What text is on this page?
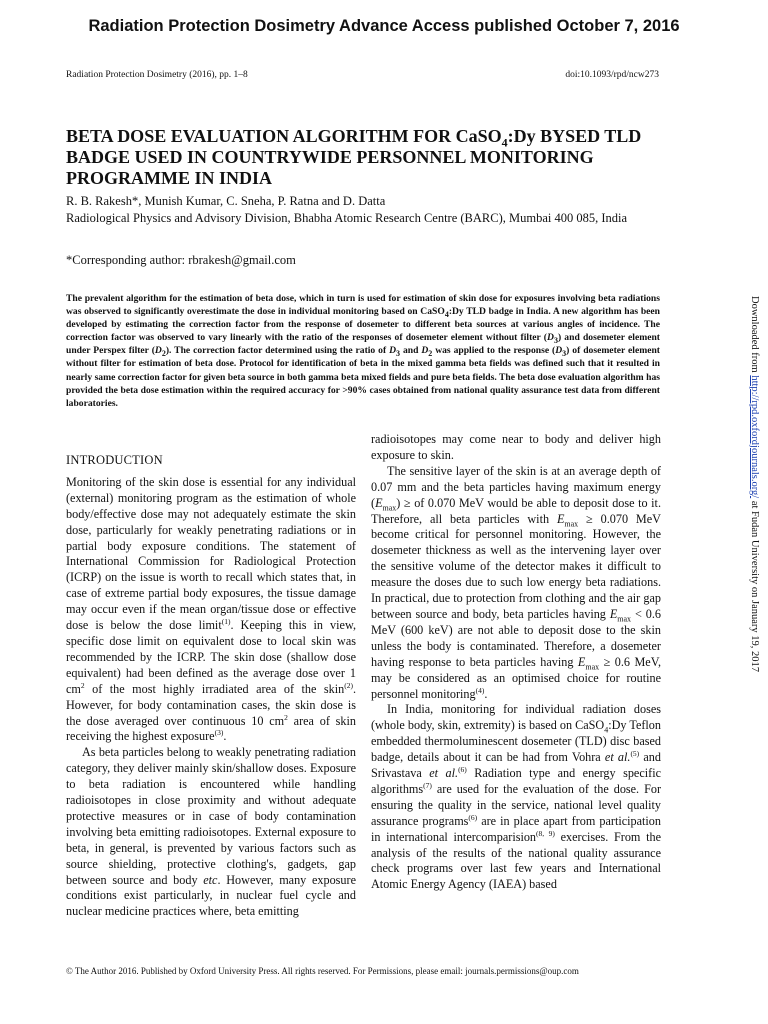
Radiation Protection Dosimetry Advance Access published October 7, 2016
Radiation Protection Dosimetry (2016), pp. 1–8	doi:10.1093/rpd/ncw273
BETA DOSE EVALUATION ALGORITHM FOR CaSO$_4$:Dy BYSED TLD BADGE USED IN COUNTRYWIDE PERSONNEL MONITORING PROGRAMME IN INDIA
R. B. Rakesh*, Munish Kumar, C. Sneha, P. Ratna and D. Datta
Radiological Physics and Advisory Division, Bhabha Atomic Research Centre (BARC), Mumbai 400 085, India
*Corresponding author: rbrakesh@gmail.com

The prevalent algorithm for the estimation of beta dose, which in turn is used for estimation of skin dose for exposures involving beta radiations was observed to significantly overestimate the dose in individual monitoring based on CaSO$_4$:Dy TLD badge in India. A new algorithm has been developed by estimating the correction factor from the response of dosemeter to different beta sources at various angles of incidence. The correction factor was observed to vary linearly with the ratio of the responses of dosemeter element without filter $(D_3)$ and dosemeter element under Perspex filter $(D_2)$. The correction factor determined using the ratio of $D_3$ and $D_2$ was applied to the response $(D_3)$ of dosemeter element without filter for estimation of beta dose. Protocol for identification of beta in the mixed gamma beta fields was defined such that it resulted in nearly same correction factor for given beta source in both gamma beta mixed fields and pure beta fields. The beta dose evaluation algorithm has provided the beta dose estimation within the required accuracy for >90% cases obtained from national quality assurance test data from different laboratories.

Downloaded from http://rpd.oxfordjournals.org/ at Fudan University on January 19, 2017

INTRODUCTION

Monitoring of the skin dose is essential for any individual (external) monitoring program as the estimation of whole body/effective dose may not adequately estimate the skin dose, particularly for weakly penetrating radiations or in partial body exposure conditions. The statement of International Commission for Radiological Protection (ICRP) on the issue is worth to recall which states that, in case of extreme partial body exposures, the tissue damage may occur even if the mean organ/tissue dose or effective dose is below the dose limit$^{(1)}$. Keeping this in view, specific dose limit on equivalent dose to local skin was recommended by the ICRP. The skin dose (shallow dose equivalent) had been defined as the average dose over 1 $cm^2$ of the most highly irradiated area of the skin$^{(2)}$. However, for body contamination cases, the skin dose is the dose averaged over continuous 10 $cm^2$ area of skin receiving the highest exposure$^{(3)}$.

As beta particles belong to weakly penetrating radiation category, they deliver mainly skin/shallow doses. Exposure to beta radiation is encountered while handling radioisotopes in close proximity and without adequate protective measures or in case of body contamination involving beta emitting radioisotopes. External exposure to beta, in general, is prevented by various factors such as source shielding, protective clothing's, gadgets, gap between source and body etc. However, many exposure conditions exist particularly, in nuclear fuel cycle and nuclear medicine practices where, beta emitting

radioisotopes may come near to body and deliver high exposure to skin.

The sensitive layer of the skin is at an average depth of 0.07 mm and the beta particles having maximum energy $(E_{max})$ ≥ of 0.070 MeV would be able to deposit dose to it. Therefore, all beta particles with $E_{max} \ge 0.070$ MeV become critical for personnel monitoring. However, the dosemeter thickness as well as the intervening layer over the sensitive volume of the detector makes it difficult to measure the doses due to such low energy beta radiations. In practical, due to protection from clothing and the air gap between source and body, beta particles having $E_{max} < 0.6$ MeV (600 keV) are not able to deposit dose to the skin unless the body is contaminated. Therefore, a dosemeter having response to beta particles having $E_{max} \ge 0.6$ MeV, may be considered as an optimised choice for routine personnel monitoring$^{(4)}$.

In India, monitoring for individual radiation doses (whole body, skin, extremity) is based on CaSO$_4$:Dy Teflon embedded thermoluminescent dosemeter (TLD) disc based badge, details about it can be had from Vohra et al.$^{(5)}$ and Srivastava et al.$^{(6)}$ Radiation type and energy specific algorithms$^{(7)}$ are used for the evaluation of the dose. For ensuring the quality in the service, national level quality assurance programs$^{(6)}$ are in place apart from participation in international intercomparision$^{(8, 9)}$ exercises. From the analysis of the results of the national quality assurance check programs over last few years and International Atomic Energy Agency (IAEA) based

© The Author 2016. Published by Oxford University Press. All rights reserved. For Permissions, please email: journals.permissions@oup.com
